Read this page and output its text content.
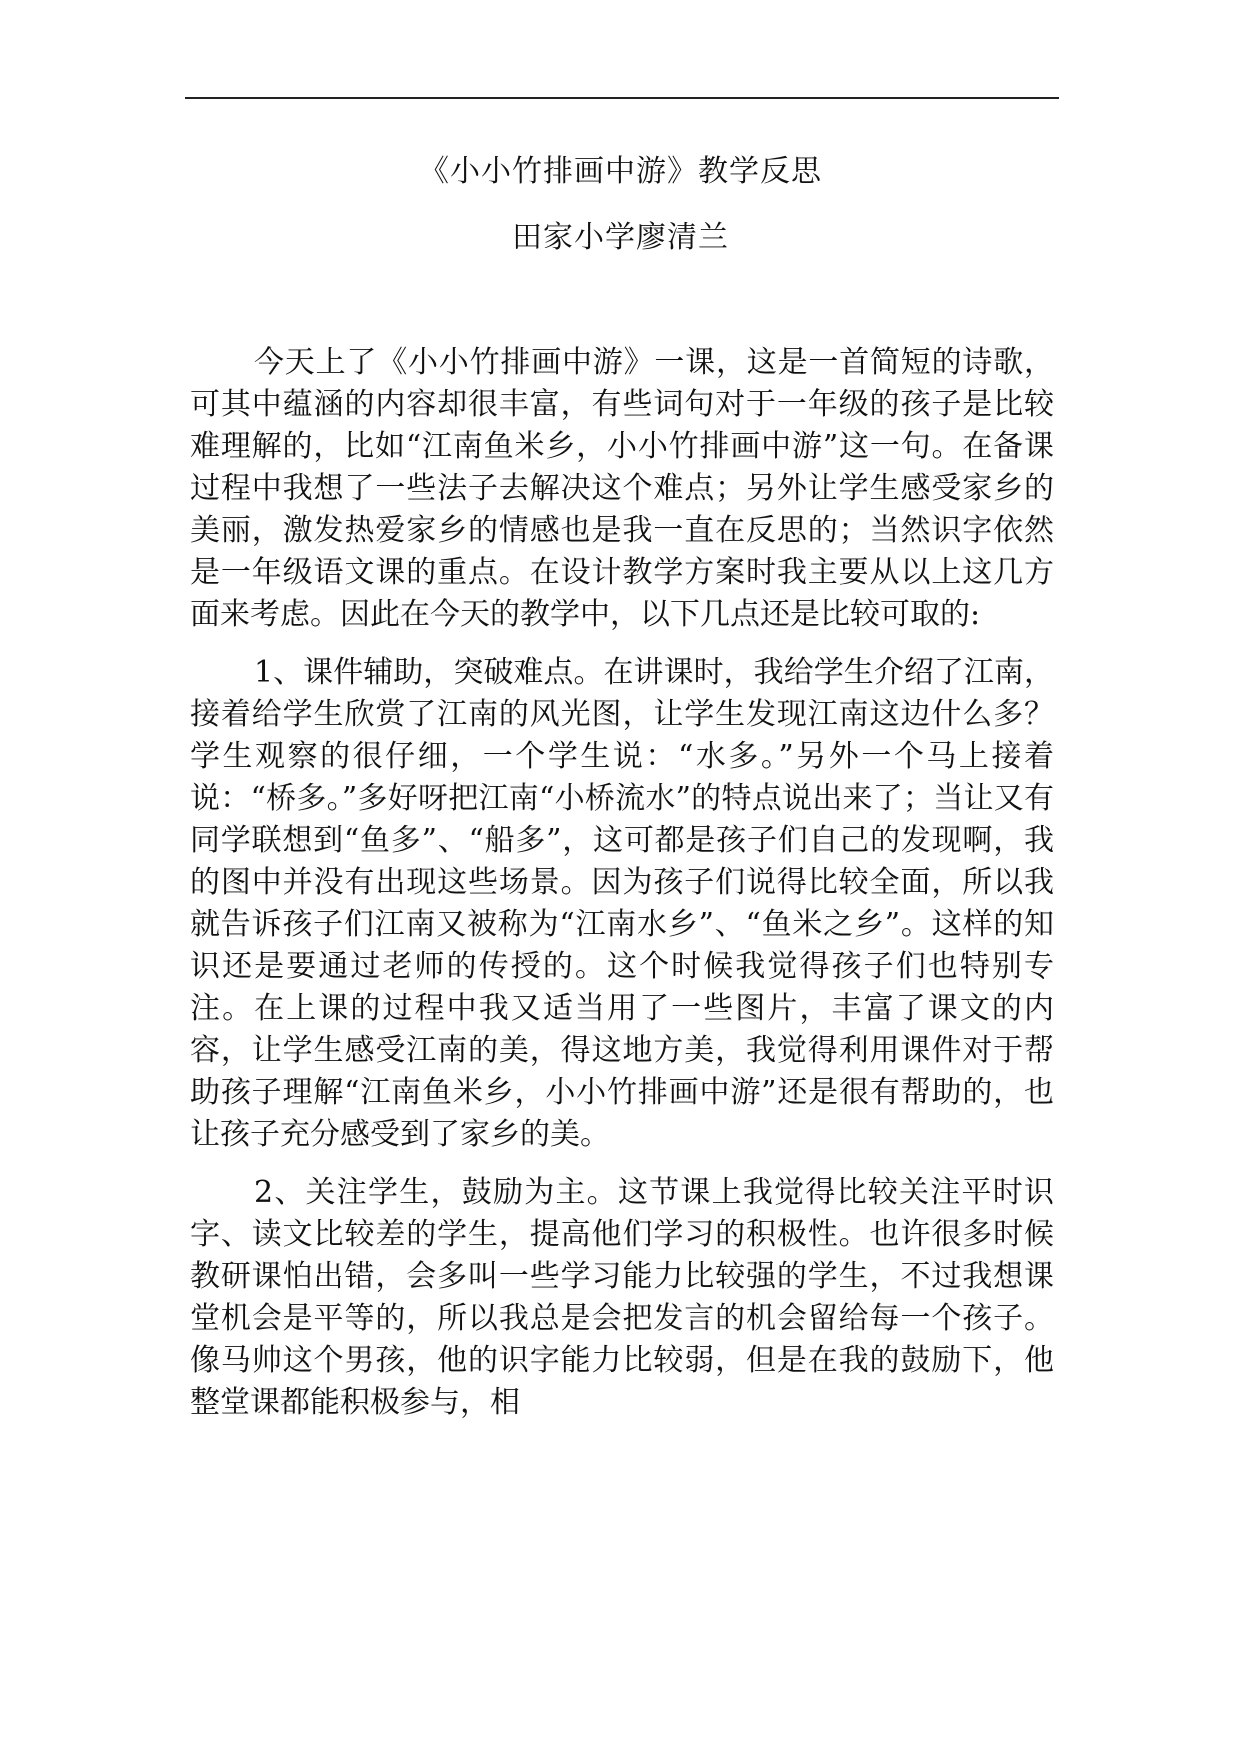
《小小竹排画中游》教学反思
田家小学廖清兰

今天上了《小小竹排画中游》一课，这是一首简短的诗歌，可其中蕴涵的内容却很丰富，有些词句对于一年级的孩子是比较难理解的，比如“江南鱼米乡，小小竹排画中游”这一句。在备课过程中我想了一些法子去解决这个难点；另外让学生感受家乡的美丽，激发热爱家乡的情感也是我一直在反思的；当然识字依然是一年级语文课的重点。在设计教学方案时我主要从以上这几方面来考虑。因此在今天的教学中，以下几点还是比较可取的:

1、课件辅助，突破难点。在讲课时，我给学生介绍了江南，接着给学生欣赏了江南的风光图，让学生发现江南这边什么多？学生观察的很仔细，一个学生说：“水多。”另外一个马上接着说：“桥多。”多好呀把江南“小桥流水”的特点说出来了；当让又有同学联想到“鱼多”、“船多”，这可都是孩子们自己的发现啊，我的图中并没有出现这些场景。因为孩子们说得比较全面，所以我就告诉孩子们江南又被称为“江南水乡”、“鱼米之乡”。这样的知识还是要通过老师的传授的。这个时候我觉得孩子们也特别专注。在上课的过程中我又适当用了一些图片，丰富了课文的内容，让学生感受江南的美，得这地方美，我觉得利用课件对于帮助孩子理解“江南鱼米乡，小小竹排画中游”还是很有帮助的，也让孩子充分感受到了家乡的美。

2、关注学生，鼓励为主。这节课上我觉得比较关注平时识字、读文比较差的学生，提高他们学习的积极性。也许很多时候教研课怕出错，会多叫一些学习能力比较强的学生，不过我想课堂机会是平等的，所以我总是会把发言的机会留给每一个孩子。像马帅这个男孩，他的识字能力比较弱，但是在我的鼓励下，他整堂课都能积极参与，相
